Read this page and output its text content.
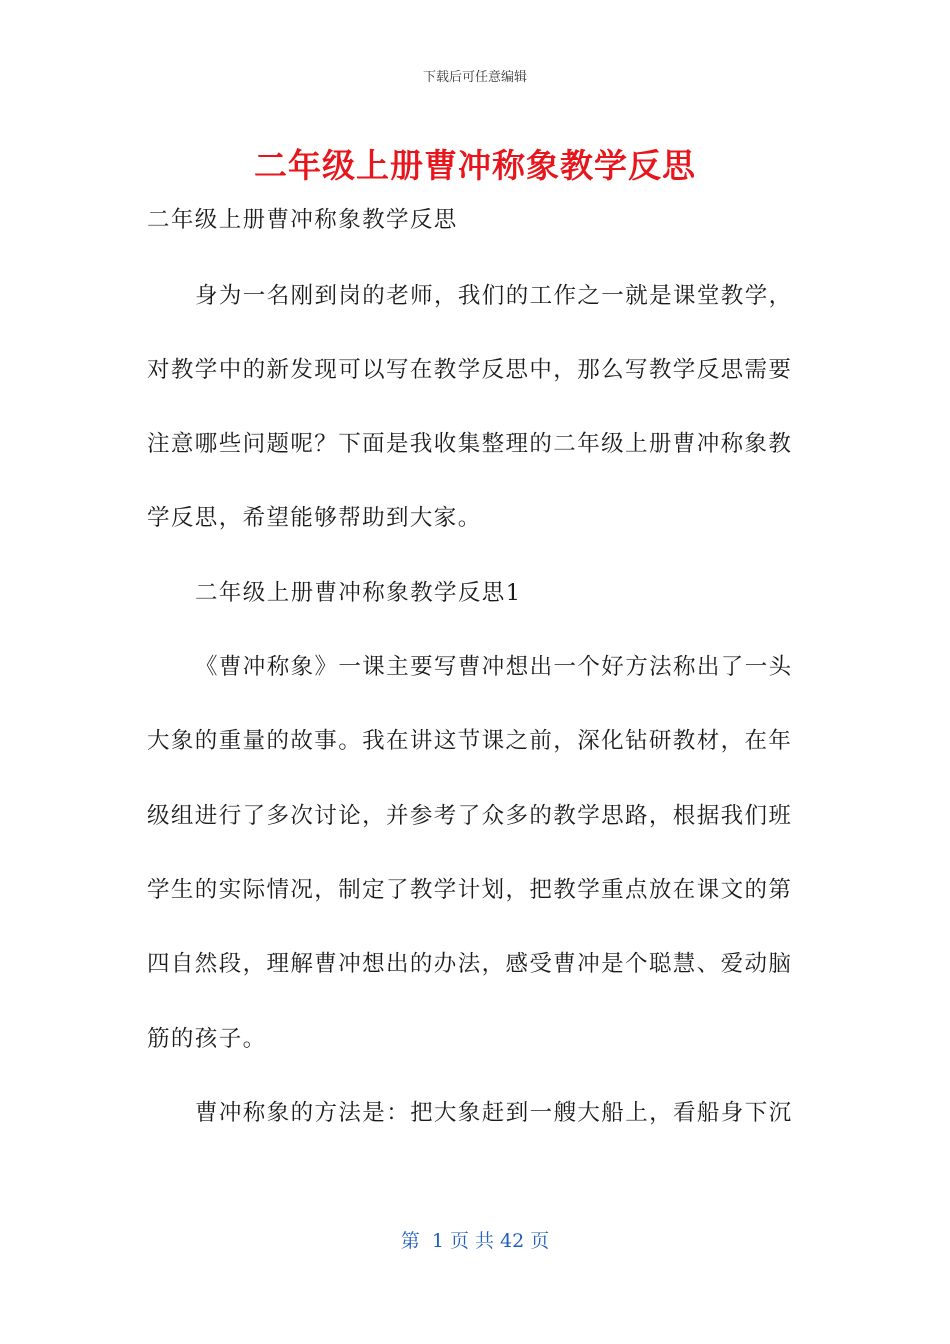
下载后可任意编辑
二年级上册曹冲称象教学反思
二年级上册曹冲称象教学反思
身为一名刚到岗的老师，我们的工作之一就是课堂教学，
对教学中的新发现可以写在教学反思中，那么写教学反思需要
注意哪些问题呢？下面是我收集整理的二年级上册曹冲称象教
学反思，希望能够帮助到大家。
二年级上册曹冲称象教学反思1
《曹冲称象》一课主要写曹冲想出一个好方法称出了一头
大象的重量的故事。我在讲这节课之前，深化钻研教材，在年
级组进行了多次讨论，并参考了众多的教学思路，根据我们班
学生的实际情况，制定了教学计划，把教学重点放在课文的第
四自然段，理解曹冲想出的办法，感受曹冲是个聪慧、爱动脑
筋的孩子。
曹冲称象的方法是：把大象赶到一艘大船上，看船身下沉
第  1 页 共 42 页
